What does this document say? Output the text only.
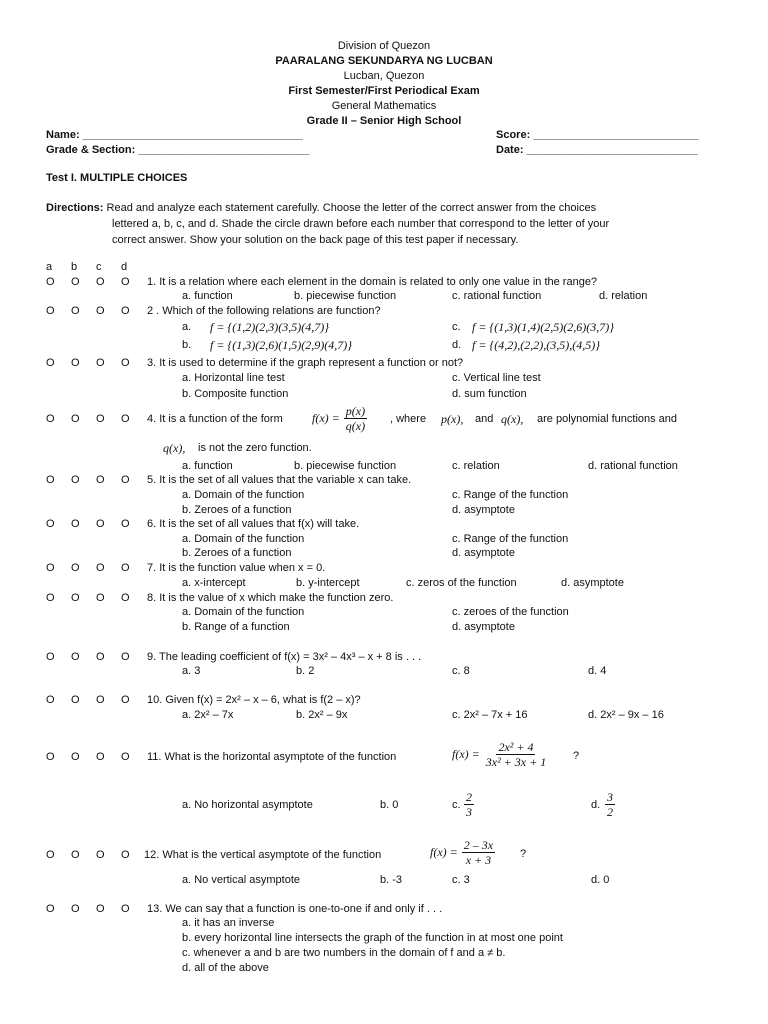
Division of Quezon
PAARALANG SEKUNDARYA NG LUCBAN
Lucban, Quezon
First Semester/First Periodical Exam
General Mathematics
Grade II – Senior High School
Name: ____________________________________	Score: ___________________________
Grade & Section: ____________________________	Date: ____________________________
Test I. MULTIPLE CHOICES
Directions: Read and analyze each statement carefully. Choose the letter of the correct answer from the choices
lettered a, b, c, and d. Shade the circle drawn before each number that correspond to the letter of your
correct answer. Show your solution on the back page of this test paper if necessary.
a b c d
O O O O
O O O O
O O O O
O O O O
O O O O
O O O O
O O O O
O O O O
O O O O
O O O O
O O O O
O O O O
O O O O
1. It is a relation where each element in the domain is related to only one value in the range?
a. function	b. piecewise function	c. rational function	d. relation
2 . Which of the following relations are function?
a. f = {(1,2)(2,3)(3,5)(4,7)}	c. f = {(1,3)(1,4)(2,5)(2,6)(3,7)}
b. f = {(1,3)(2,6)(1,5)(2,9)(4,7)}	d. f = {(4,2),(2,2),(3,5),(4,5)}
3. It is used to determine if the graph represent a function or not?
a. Horizontal line test	c. Vertical line test
b. Composite function	d. sum function
4. It is a function of the form $f(x) = \frac{p(x)}{q(x)}$ , where p(x), and q(x), are polynomial functions and
q(x), is not the zero function.
a. function	b. piecewise function	c. relation	d. rational function
5. It is the set of all values that the variable x can take.
a. Domain of the function	c. Range of the function
b. Zeroes of a function	d. asymptote
6. It is the set of all values that f(x) will take.
a. Domain of the function	c. Range of the function
b. Zeroes of a function	d. asymptote
7. It is the function value when x = 0.
a. x-intercept	b. y-intercept	c. zeros of the function	d. asymptote
8. It is the value of x which make the function zero.
a. Domain of the function	c. zeroes of the function
b. Range of a function	d. asymptote
9. The leading coefficient of f(x) = 3x² – 4x³ – x + 8 is . . .
a. 3	b. 2	c. 8	d. 4
10. Given f(x) = 2x² – x – 6, what is f(2 – x)?
a. 2x² – 7x	b. 2x² – 9x	c. 2x² – 7x + 16	d. 2x² – 9x – 16
11. What is the horizontal asymptote of the function	$f(x) = \frac{\text{2x² + 4}}{\text{3x² + 3x + 1}}$ ?
a. No horizontal asymptote	b. 0	c. $\frac{2}{3}$	d. $\frac{3}{2}$
12. What is the vertical asymptote of the function	$f(x) = \frac{2 - 3x}{x + 3}$ ?
a. No vertical asymptote	b. -3	c. 3	d. 0
13. We can say that a function is one-to-one if and only if . . .
a. it has an inverse
b. every horizontal line intersects the graph of the function in at most one point
c. whenever a and b are two numbers in the domain of f and a ≠ b.
d. all of the above
